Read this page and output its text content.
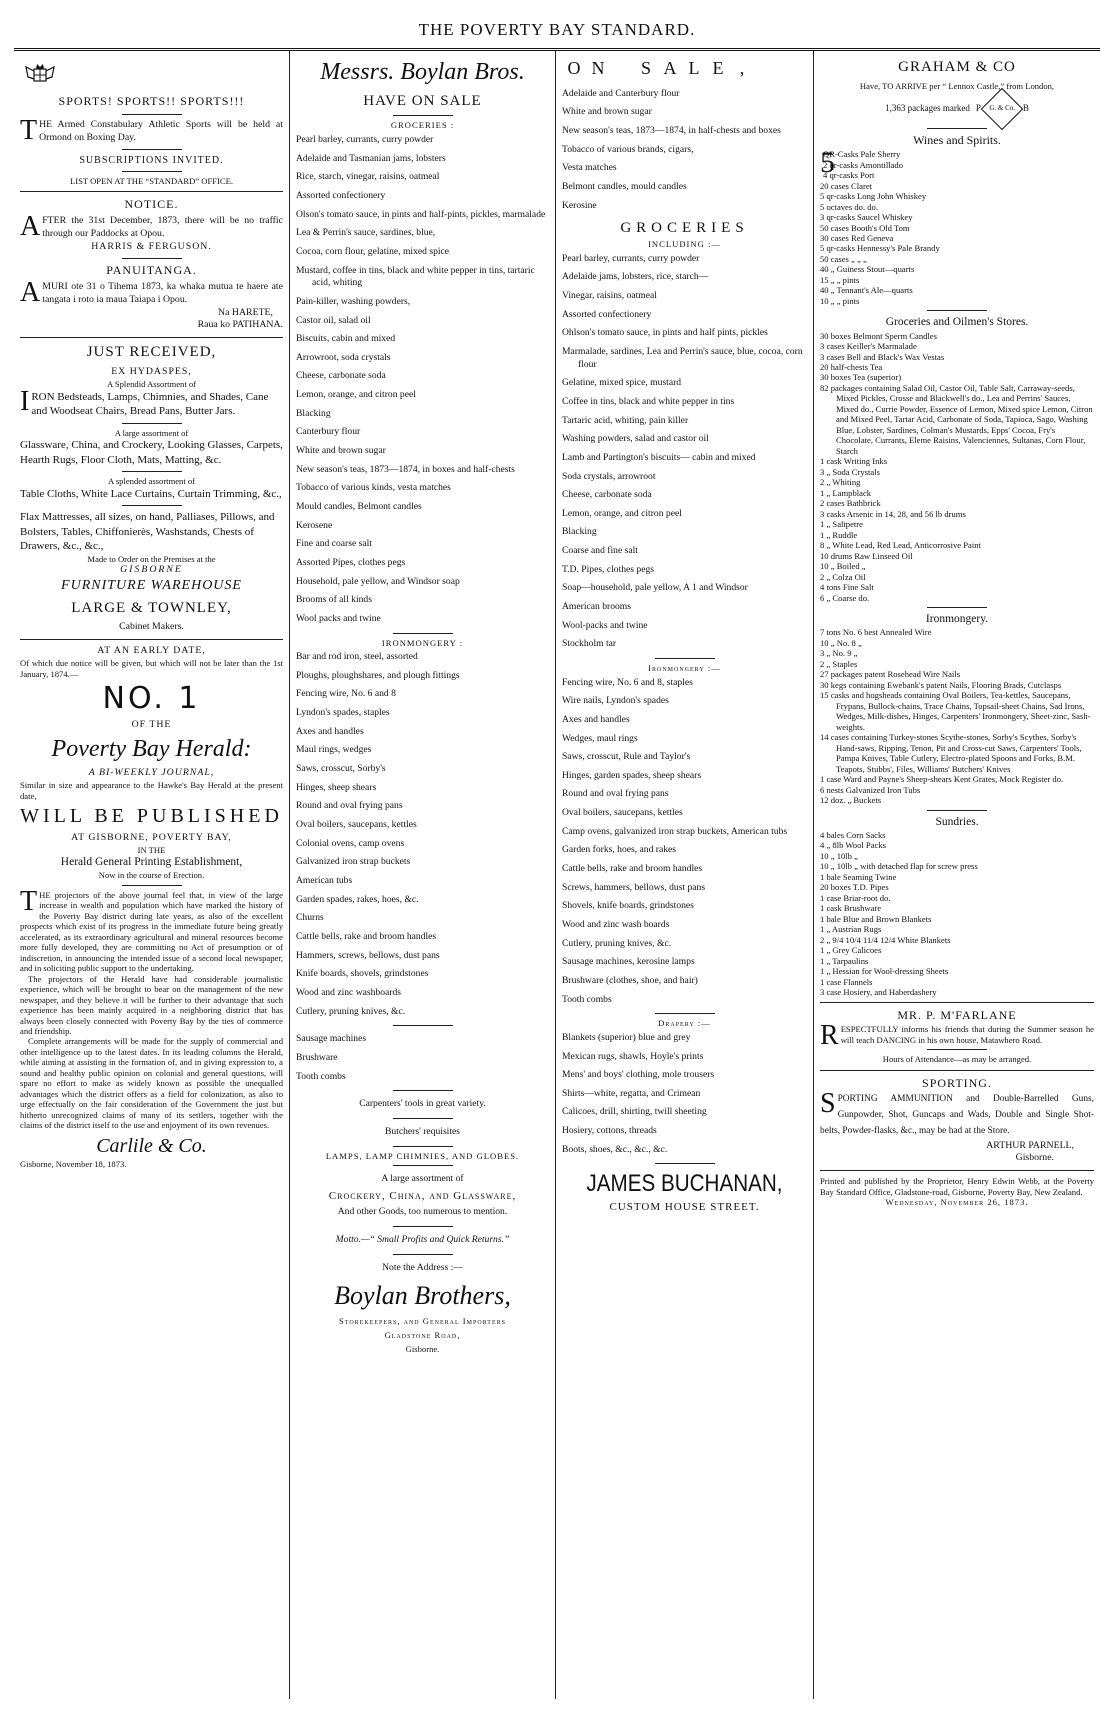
THE POVERTY BAY STANDARD.
SPORTS! SPORTS!! SPORTS!!!
THE Armed Constabulary Athletic Sports will be held at Ormond on Boxing Day.
SUBSCRIPTIONS INVITED.
LIST OPEN AT THE “STANDARD” OFFICE.
NOTICE.
AFTER the 31st December, 1873, there will be no traffic through our Paddocks at Opou.
HARRIS & FERGUSON.
PANUITANGA.
AMURI ote 31 o Tihema 1873, ka whaka mutua te haere ate tangata i roto ia maua Taiapa i Opou.
Na HARETE,
Raua ko PATIHANA.
JUST RECEIVED,
EX HYDASPES,
A Splendid Assortment of
IRON Bedsteads, Lamps, Chimnies, and Shades, Cane and Woodseat Chairs, Bread Pans, Butter Jars.
A large assortment of
Glassware, China, and Crockery, Looking Glasses, Carpets, Hearth Rugs, Floor Cloth, Mats, Matting, &c.
A splended assortment of
Table Cloths, White Lace Curtains, Curtain Trimming, &c.,
Flax Mattresses, all sizes, on hand, Palliases, Pillows, and Bolsters, Tables, Chiffonierès, Washstands, Chests of Drawers, &c., &c.,
Made to Order on the Premises at the
GISBORNE
FURNITURE WAREHOUSE
LARGE & TOWNLEY,
Cabinet Makers.
AT AN EARLY DATE,
Of which due notice will be given, but which will not be later than the 1st January, 1874.—
NO. 1
OF THE
Poverty Bay Herald:
A BI-WEEKLY JOURNAL,
Similar in size and appearance to the Hawke's Bay Herald at the present date,
WILL BE PUBLISHED
AT GISBORNE, POVERTY BAY,
IN THE
Herald General Printing Establishment,
Now in the course of Erection.
THE projectors of the above journal feel that, in view of the large increase in wealth and population which have marked the history of the Poverty Bay district during late years, as also of the excellent prospects which exist of its progress in the immediate future being greatly accelerated, as its extraordinary agricultural and mineral resources become more fully developed, they are committing no Act of presumption or of indiscretion, in announcing the intended issue of a second local newspaper, and in soliciting public support to the undertaking.
The projectors of the Herald have had considerable journalistic experience, which will be brought to bear on the management of the new newspaper, and they believe it will be further to their advantage that such experience has been mainly acquired in a neighboring district that has always been closely connected with Poverty Bay by the ties of commerce and friendship.
Complete arrangements will be made for the supply of commercial and other intelligence up to the latest dates. In its leading columns the Herald, while aiming at assisting in the formation of, and in giving expression to, a sound and healthy public opinion on colonial and general questions, will spare no effort to make as widely known as possible the unequalled advantages which the district offers as a field for colonization, as also to urge effectually on the fair consideration of the Government the just but hitherto unrecognized claims of many of its settlers, together with the claims of the district itself to the use and enjoyment of its own revenues.
Carlile & Co.
Gisborne, November 18, 1873.
Messrs. Boylan Bros.
HAVE ON SALE
GROCERIES :
Pearl barley, currants, curry powder
Adelaide and Tasmanian jams, lobsters
Rice, starch, vinegar, raisins, oatmeal
Assorted confectionery
Olson's tomato sauce, in pints and half-pints, pickles, marmalade
Lea & Perrin's sauce, sardines, blue,
Cocoa, corn flour, gelatine, mixed spice
Mustard, coffee in tins, black and white pepper in tins, tartaric acid, whiting
Pain-killer, washing powders,
Castor oil, salad oil
Biscuits, cabin and mixed
Arrowroot, soda crystals
Cheese, carbonate soda
Lemon, orange, and citron peel
Blacking
Canterbury flour
White and brown sugar
New season's teas, 1873—1874, in boxes and half-chests
Tobacco of various kinds, vesta matches
Mould candles, Belmont candles
Kerosene
Fine and coarse salt
Assorted Pipes, clothes pegs
Household, pale yellow, and Windsor soap
Brooms of all kinds
Wool packs and twine
IRONMONGERY :
Bar and rod iron, steel, assorted
Ploughs, ploughshares, and plough fittings
Fencing wire, No. 6 and 8
Lyndon's spades, staples
Axes and handles
Maul rings, wedges
Saws, crosscut, Sorby's
Hinges, sheep shears
Round and oval frying pans
Oval boilers, saucepans, kettles
Colonial ovens, camp ovens
Galvanized iron strap buckets
American tubs
Garden spades, rakes, hoes, &c.
Churns
Cattle bells, rake and broom handles
Hammers, screws, bellows, dust pans
Knife boards, shovels, grindstones
Wood and zinc washboards
Cutlery, pruning knives, &c.
Sausage machines
Brushware
Tooth combs
Carpenters' tools in great variety.
Butchers' requisites
LAMPS, LAMP CHIMNIES, AND GLOBES.
A large assortment of
Crockery, China, and Glassware,
And other Goods, too numerous to mention.
Motto.—“ Small Profits and Quick Returns.”
Note the Address :—
Boylan Brothers,
Storekeepers, and General Importers
Gladstone Road,
Gisborne.
O N S A L E ,
Adelaide and Canterbury flour
White and brown sugar
New season's teas, 1873—1874, in half-chests and boxes
Tobacco of various brands, cigars,
Vesta matches
Belmont candles, mould candles
Kerosine
GROCERIES
INCLUDING :—
Pearl barley, currants, curry powder
Adelaide jams, lobsters, rice, starch—
Vinegar, raisins, oatmeal
Assorted confectionery
Ohlson's tomato sauce, in pints and half pints, pickles
Marmalade, sardines, Lea and Perrin's sauce, blue, cocoa, corn flour
Gelatine, mixed spice, mustard
Coffee in tins, black and white pepper in tins
Tartaric acid, whiting, pain killer
Washing powders, salad and castor oil
Lamb and Partington's biscuits— cabin and mixed
Soda crystals, arrowroot
Cheese, carbonate soda
Lemon, orange, and citron peel
Blacking
Coarse and fine salt
T.D. Pipes, clothes pegs
Soap—household, pale yellow, A 1 and Windsor
American brooms
Wool-packs and twine
Stockholm tar
Ironmongery :—
Fencing wire, No. 6 and 8, staples
Wire nails, Lyndon's spades
Axes and handles
Wedges, maul rings
Saws, crosscut, Rule and Taylor's
Hinges, garden spades, sheep shears
Round and oval frying pans
Oval boilers, saucepans, kettles
Camp ovens, galvanized iron strap buckets, American tubs
Garden forks, hoes, and rakes
Cattle bells, rake and broom handles
Screws, hammers, bellows, dust pans
Shovels, knife boards, grindstones
Wood and zinc wash boards
Cutlery, pruning knives, &c.
Sausage machines, kerosine lamps
Brushware (clothes, shoe, and hair)
Tooth combs
Drapery :—
Blankets (superior) blue and grey
Mexican rugs, shawls, Hoyle's prints
Mens' and boys' clothing, mole trousers
Shirts—white, regatta, and Crimean
Calicoes, drill, shirting, twill sheeting
Hosiery, cottons, threads
Boots, shoes, &c., &c., &c.
JAMES BUCHANAN,
CUSTOM HOUSE STREET.
GRAHAM & CO
Have, TO ARRIVE per “ Lennox Castle,” from London,
1,363 packages marked P G. & Co. B
Wines and Spirits.
5
QR-Casks Pale Sherry
2 qr-casks Amontillado
4 qr-casks Port
20 cases Claret
5 qr-casks Long John Whiskey
5 octaves do. do.
3 qr-casks Saucel Whiskey
50 cases Booth's Old Tom
30 cases Red Geneva
5 qr-casks Hennessy's Pale Brandy
50 cases „ „ „
40 „ Guiness Stout—quarts
15 „ „ pints
40 „ Tennant's Ale—quarts
10 „ „ pints
Groceries and Oilmen's Stores.
30 boxes Belmont Sperm Candles
3 cases Keiller's Marmalade
3 cases Bell and Black's Wax Vestas
20 half-chests Tea
30 boxes Tea (superior)
82 packages containing Salad Oil, Castor Oil, Table Salt, Carraway-seeds, Mixed Pickles, Crosse and Blackwell's do., Lea and Perrins' Sauces, Mixed do., Currie Powder, Essence of Lemon, Mixed spice Lemon, Citron and Mixed Peel, Tartar Acid, Carbonate of Soda, Tapioca, Sago, Washing Blue, Lobster, Sardines, Colman's Mustards, Epps' Cocoa, Fry's Chocolate, Currants, Eleme Raisins, Valenciennes, Sultanas, Corn Flour, Starch
1 cask Writing Inks
3 „ Soda Crystals
2 „ Whiting
1 „ Lampblack
2 cases Bathbrick
3 casks Arsenic in 14, 28, and 56 lb drums
1 „ Saltpetre
1 „ Ruddle
8 „ White Lead, Red Lead, Anticorrosive Paint
10 drums Raw Linseed Oil
10 „ Boiled „
2 „ Colza Oil
4 tons Fine Salt
6 „ Coarse do.
Ironmongery.
7 tons No. 6 best Annealed Wire
10 „ No. 8 „
3 „ No. 9 „
2 „ Staples
27 packages patent Rosehead Wire Nails
30 kegs containing Ewebank's patent Nails, Flooring Brads, Cutclasps
15 casks and hogsheads containing Oval Boilers, Tea-kettles, Saucepans, Frypans, Bullock-chains, Trace Chains, Topsail-sheet Chains, Sad Irons, Wedges, Milk-dishes, Hinges, Carpenters' Ironmongery, Sheet-zinc, Sash-weights.
14 cases containing Turkey-stones Scythe-stones, Sorby's Scythes, Sorby's Hand-saws, Ripping, Tenon, Pit and Cross-cut Saws, Carpenters' Tools, Pampa Knives, Table Cutlery, Electro-plated Spoons and Forks, B.M. Teapots, Stubbs', Files, Williams' Butchers' Knives
1 case Ward and Payne's Sheep-shears Kent Grates, Mock Register do.
6 nests Galvanized Iron Tubs
12 doz. „ Buckets
Sundries.
4 bales Corn Sacks
4 „ 8lb Wool Packs
10 „ 10lb „
10 „ 10lb „ with detached flap for screw press
1 bale Seaming Twine
20 boxes T.D. Pipes
1 case Briar-root do.
1 cask Brushware
1 bale Blue and Brown Blankets
1 „ Austrian Rugs
2 „ 9/4 10/4 11/4 12/4 White Blankets
1 „ Grey Calicoes
1 „ Tarpaulins
1 „ Hessian for Wool-dressing Sheets
1 case Flannels
3 case Hosiery, and Haberdashery
MR. P. M'FARLANE
RESPECTFULLY informs his friends that during the Summer season he will teach DANCING in his own house, Matawhero Road.
Hours of Attendance—as may be arranged.
SPORTING.
SPORTING AMMUNITION and Double-Barrelled Guns, Gunpowder, Shot, Guncaps and Wads, Double and Single Shot-belts, Powder-flasks, &c., may be had at the Store.
ARTHUR PARNELL,
Gisborne.
Printed and published by the Proprietor, Henry Edwin Webb, at the Poverty Bay Standard Office, Gladstone-road, Gisborne, Poverty Bay, New Zealand.
Wednesday, November 26, 1873.
